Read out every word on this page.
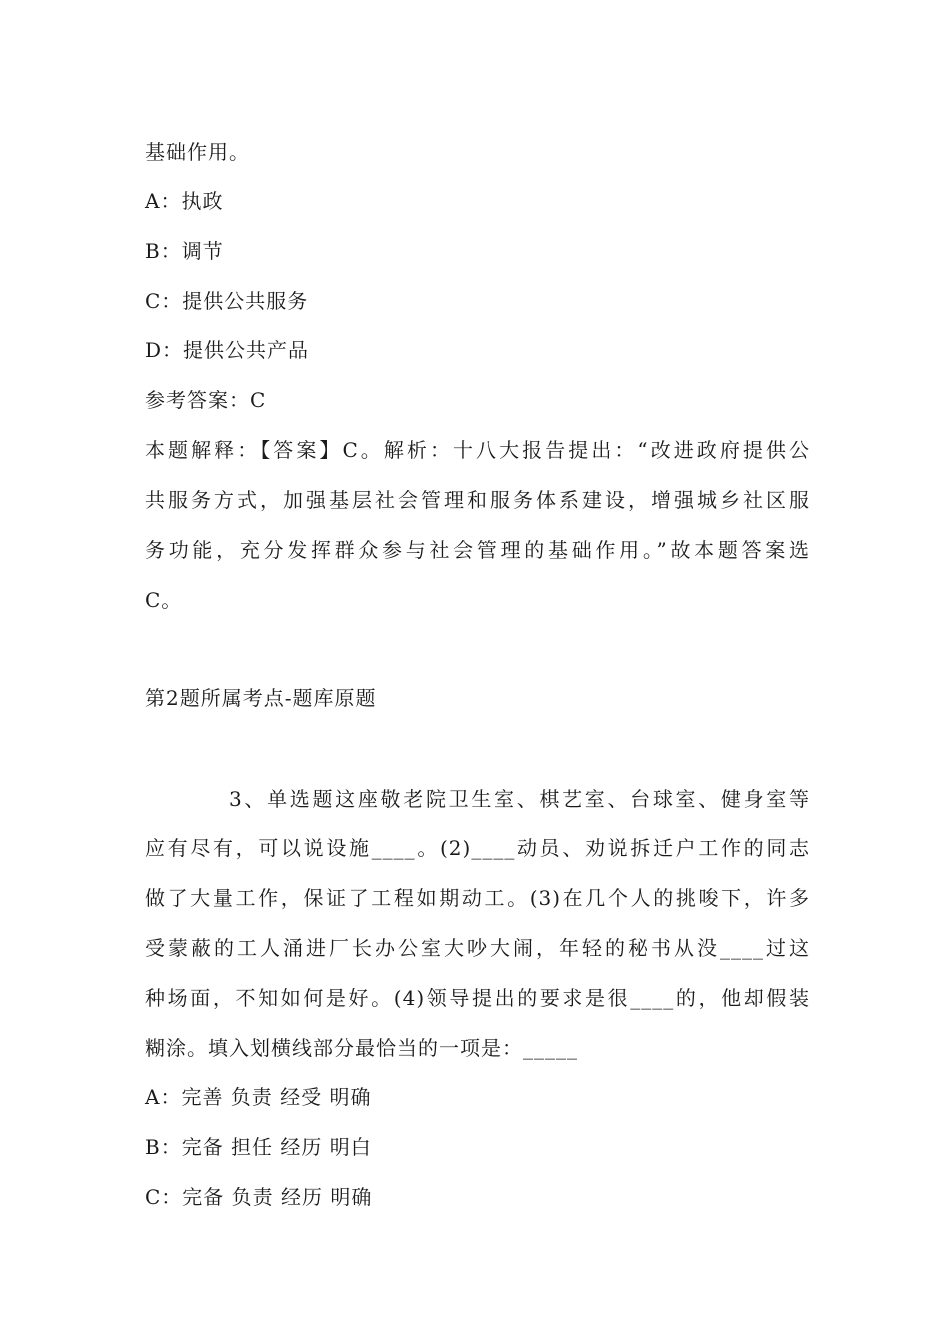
基础作用。
A：执政
B：调节
C：提供公共服务
D：提供公共产品
参考答案：C
本题解释：【答案】C。解析：十八大报告提出：“改进政府提供公
共服务方式，加强基层社会管理和服务体系建设，增强城乡社区服
务功能，充分发挥群众参与社会管理的基础作用。”故本题答案选
C。
第2题所属考点-题库原题
3、单选题这座敬老院卫生室、棋艺室、台球室、健身室等
应有尽有，可以说设施____。(2)____动员、劝说拆迁户工作的同志
做了大量工作，保证了工程如期动工。(3)在几个人的挑唆下，许多
受蒙蔽的工人涌进厂长办公室大吵大闹，年轻的秘书从没____过这
种场面，不知如何是好。(4)领导提出的要求是很____的，他却假装
糊涂。填入划横线部分最恰当的一项是：_____
A：完善 负责 经受 明确
B：完备 担任 经历 明白
C：完备 负责 经历 明确
